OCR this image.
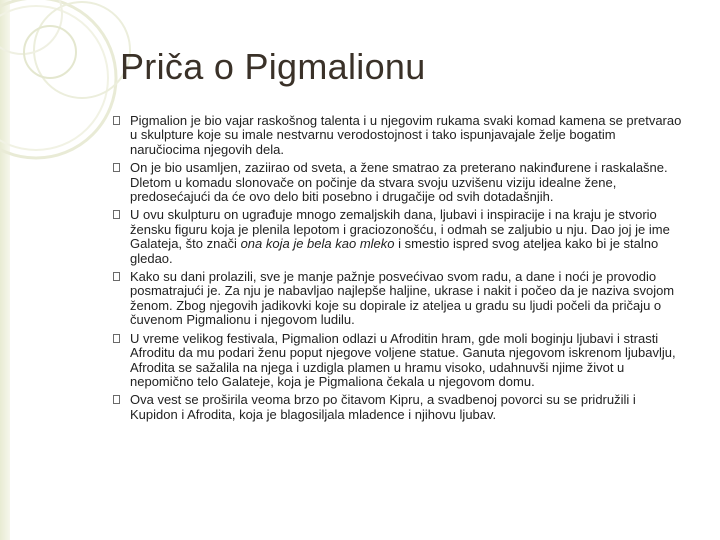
Priča o Pigmalionu
Pigmalion je bio vajar raskošnog talenta i u njegovim rukama svaki komad kamena se pretvarao u skulpture koje su imale nestvarnu verodostojnost i tako ispunjavajale želje bogatim naručiocima njegovih dela.
On je bio usamljen, zaziirao od sveta, a žene smatrao za preterano nakinđurene i raskalašne. Dletom u komadu slonovače on počinje da stvara svoju uzvišenu viziju idealne žene, predosećajući da će ovo delo biti posebno i drugačije od svih dotadašnjih.
U ovu skulpturu on ugrađuje mnogo zemaljskih dana, ljubavi i inspiracije i na kraju je stvorio žensku figuru koja je plenila lepotom i graciozonošću, i odmah se zaljubio u nju. Dao joj je ime Galateja, što znači ona koja je bela kao mleko i smestio ispred svog ateljea kako bi je stalno gledao.
Kako su dani prolazili, sve je manje pažnje posvećivao svom radu, a dane i noći je provodio posmatrajući je. Za nju je nabavljao najlepše haljine, ukrase i nakit i počeo da je naziva svojom ženom. Zbog njegovih jadikovki koje su dopirale iz ateljea u gradu su ljudi počeli da pričaju o čuvenom Pigmalionu i njegovom ludilu.
U vreme velikog festivala, Pigmalion odlazi u Afroditin hram, gde moli boginju ljubavi i strasti Afroditu da mu podari ženu poput njegove voljene statue. Ganuta njegovom iskrenom ljubavlju, Afrodita se sažalila na njega i uzdigla plamen u hramu visoko, udahnuvši njime život u nepomično telo Galateje, koja je Pigmaliona čekala u njegovom domu.
Ova vest se proširila veoma brzo po čitavom Kipru, a svadbenoj povorci su se pridružili i Kupidon i Afrodita, koja je blagosiljala mladence i njihovu ljubav.
